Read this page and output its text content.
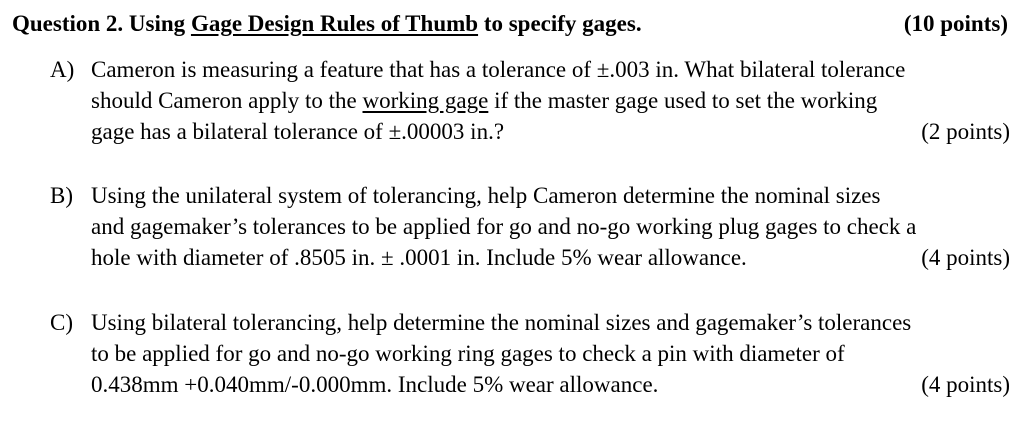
Question 2. Using Gage Design Rules of Thumb to specify gages.	(10 points)
A) Cameron is measuring a feature that has a tolerance of ±.003 in. What bilateral tolerance
should Cameron apply to the working gage if the master gage used to set the working
gage has a bilateral tolerance of ±.00003 in.?	(2 points)
B) Using the unilateral system of tolerancing, help Cameron determine the nominal sizes
and gagemaker’s tolerances to be applied for go and no-go working plug gages to check a
hole with diameter of .8505 in. ± .0001 in. Include 5% wear allowance.	(4 points)
C) Using bilateral tolerancing, help determine the nominal sizes and gagemaker’s tolerances
to be applied for go and no-go working ring gages to check a pin with diameter of
0.438mm +0.040mm/-0.000mm. Include 5% wear allowance.	(4 points)
